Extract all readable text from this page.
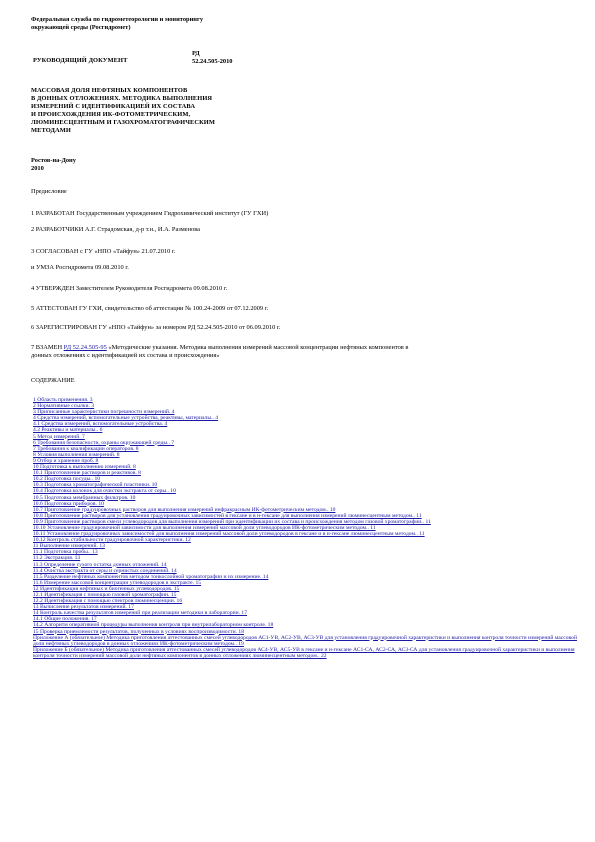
Федеральная служба по гидрометеорологии и мониторингу
окружающей среды (Росгидромет)
РУКОВОДЯЩИЙ ДОКУМЕНТ
РД
52.24.505-2010
МАССОВАЯ ДОЛЯ НЕФТЯНЫХ КОМПОНЕНТОВ
В ДОННЫХ ОТЛОЖЕНИЯХ. МЕТОДИКА ВЫПОЛНЕНИЯ
ИЗМЕРЕНИЙ С ИДЕНТИФИКАЦИЕЙ ИХ СОСТАВА
И ПРОИСХОЖДЕНИЯ ИК-ФОТОМЕТРИЧЕСКИМ,
ЛЮМИНЕСЦЕНТНЫМ И ГАЗОХРОМАТОГРАФИЧЕСКИМ
МЕТОДАМИ
Ростов-на-Дону
2010
Предисловие
1 РАЗРАБОТАН Государственным учреждением Гидрохимический институт (ГУ ГХИ)
2 РАЗРАБОТЧИКИ А.Г. Страдомская, д-р т.н., И.А. Разменова
3 СОГЛАСОВАН с ГУ «НПО «Тайфун» 21.07.2010 г.
и УМЗА Росгидромета 09.08.2010 г.
4 УТВЕРЖДЕН Заместителем Руководителя Росгидромета 09.08.2010 г.
5 АТТЕСТОВАН ГУ ГХИ, свидетельство об аттестации № 100.24-2009 от 07.12.2009 г.
6 ЗАРЕГИСТРИРОВАН ГУ «НПО «Тайфун» за номером РД 52.24.505-2010 от 06.09.2010 г.
7 ВЗАМЕН РД 52.24.505-95 «Методические указания. Методика выполнения измерений массовой концентрации нефтяных компонентов в
донных отложениях с идентификацией их состава и происхождения»
СОДЕРЖАНИЕ
1 Область применения. 3
2 Нормативные ссылки. 3
3 Приписанные характеристики погрешности измерений. 4
4 Средства измерений, вспомогательные устройства, реактивы, материалы.. 4
4.1 Средства измерений, вспомогательные устройства. 4
4.2 Реактивы и материалы.. 6
5 Метод измерений. 7
6 Требования безопасности, охраны окружающей среды.. 7
7 Требования к квалификации операторов. 8
8 Условия выполнения измерений. 8
9 Отбор и хранение проб. 8
10 Подготовка к выполнению измерений. 8
10.1 Приготовление растворов и реактивов. 8
10.2 Подготовка посуды.. 10
10.3 Подготовка хроматографической пластинки. 10
10.4 Подготовка колонок для очистки экстракта от серы.. 10
10.5 Подготовка мембранных фильтров. 10
10.6 Подготовка приборов. 10
10.7 Приготовление градуировочных растворов для выполнения измерений инфракрасным ИК-фотометрическим методом.. 10
10.8 Приготовление растворов для установления градуировочных зависимостей в гексане и в н-гексане для выполнения измерений люминесцентным методом.. 11
10.9 Приготовление растворов смеси углеводородов для выполнения измерений при идентификации их состава и происхождения методом газовой хроматографии.. 11
10.10 Установление градуировочной зависимости для выполнения измерений массовой доли углеводородов ИК-фотометрическим методом.. 11
10.11 Установление градуировочных зависимостей для выполнения измерений массовой доли углеводородов в гексане и в н-гексане люминесцентным методом.. 11
10.12 Контроль стабильности градуировочной характеристики. 12
11 Выполнение измерений. 13
11.1 Подготовка пробы.. 13
11.2 Экстракция. 13
11.3 Определение сухого остатка донных отложений. 14
11.4 Очистка экстракта от серы и сернистых соединений. 14
11.5 Разделение нефтяных компонентов методом тонкослойной хроматографии и их измерение. 14
11.6 Измерение массовой концентрации углеводородов в экстракте. 15
12 Идентификация нефтяных и биогенных углеводородов. 15
12.1 Идентификация с помощью газовой хроматографии. 15
12.2 Идентификация с помощью спектров люминесценции. 16
13 Вычисление результатов измерений. 17
14 Контроль качества результатов измерений при реализации методики в лаборатории. 17
14.1 Общие положения. 17
14.2 Алгоритм оперативной процедуры выполнения контроля при внутрилабораторном контроле. 18
15 Проверка приемлемости результатов, полученных в условиях воспроизводимости. 18
Приложение А (обязательное) Методика приготовления аттестованных смесей углеводородов АС1-УВ, АС2-УВ, АС3-УВ для установления градуировочной характеристики и выполнения контроля точности измерений массовой доли нефтяных углеводородов в донных отложениях ИК-фотометрическим методом.. 19
Приложение Б (обязательное) Методика приготовления аттестованных смесей углеводородов АС4-УВ, АС5-УВ в гексане и н-гексане АС1-СА, АС2-СА, АС3-СА для установления градуировочной характеристики и выполнения контроля точности измерений массовой доли нефтяных компонентов в донных отложениях люминесцентным методом.. 22
